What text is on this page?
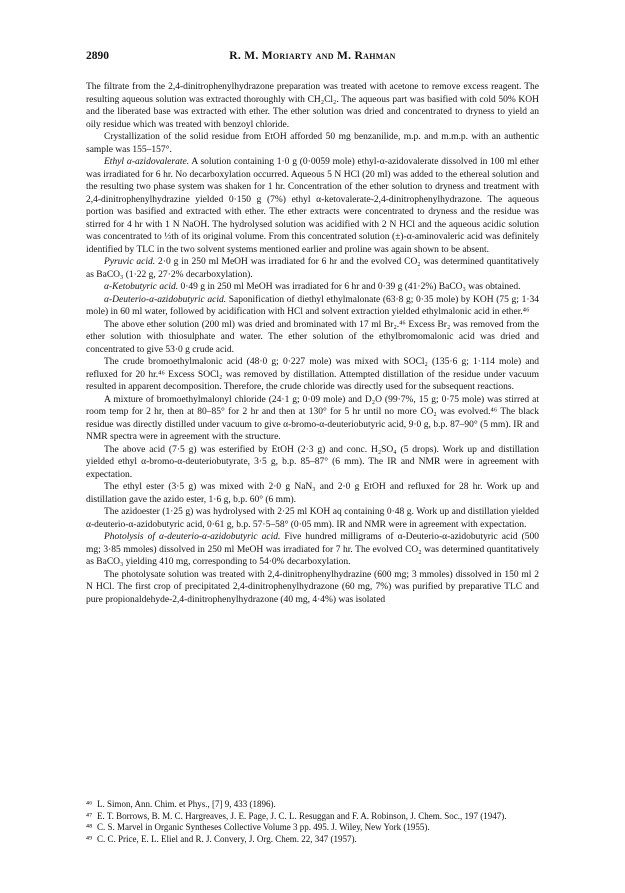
2890	R. M. Moriarty and M. Rahman

The filtrate from the 2,4-dinitrophenylhydrazone preparation was treated with acetone to remove excess reagent. The resulting aqueous solution was extracted thoroughly with CH₂Cl₂. The aqueous part was basified with cold 50% KOH and the liberated base was extracted with ether. The ether solution was dried and concentrated to dryness to yield an oily residue which was treated with benzoyl chloride.

Crystallization of the solid residue from EtOH afforded 50 mg benzanilide, m.p. and m.m.p. with an authentic sample was 155–157°.

Ethyl α-azidovalerate. A solution containing 1·0 g (0·0059 mole) ethyl-α-azidovalerate dissolved in 100 ml ether was irradiated for 6 hr. No decarboxylation occurred. Aqueous 5 N HCl (20 ml) was added to the ethereal solution and the resulting two phase system was shaken for 1 hr. Concentration of the ether solution to dryness and treatment with 2,4-dinitrophenylhydrazine yielded 0·150 g (7%) ethyl α-ketovalerate-2,4-dinitrophenylhydrazone. The aqueous portion was basified and extracted with ether. The ether extracts were concentrated to dryness and the residue was stirred for 4 hr with 1 N NaOH. The hydrolysed solution was acidified with 2 N HCl and the aqueous acidic solution was concentrated to ⅓th of its original volume. From this concentrated solution (±)-α-aminovaleric acid was definitely identified by TLC in the two solvent systems mentioned earlier and proline was again shown to be absent.

Pyruvic acid. 2·0 g in 250 ml MeOH was irradiated for 6 hr and the evolved CO₂ was determined quantitatively as BaCO₃ (1·22 g, 27·2% decarboxylation).

α-Ketobutyric acid. 0·49 g in 250 ml MeOH was irradiated for 6 hr and 0·39 g (41·2%) BaCO₃ was obtained.

α-Deuterio-α-azidobutyric acid. Saponification of diethyl ethylmalonate (63·8 g; 0·35 mole) by KOH (75 g; 1·34 mole) in 60 ml water, followed by acidification with HCl and solvent extraction yielded ethylmalonic acid in ether.⁴⁶

The above ether solution (200 ml) was dried and brominated with 17 ml Br₂.⁴⁶ Excess Br₂ was removed from the ether solution with thiosulphate and water. The ether solution of the ethylbromomalonic acid was dried and concentrated to give 53·0 g crude acid.

The crude bromoethylmalonic acid (48·0 g; 0·227 mole) was mixed with SOCl₂ (135·6 g; 1·114 mole) and refluxed for 20 hr.⁴⁶ Excess SOCl₂ was removed by distillation. Attempted distillation of the residue under vacuum resulted in apparent decomposition. Therefore, the crude chloride was directly used for the subsequent reactions.

A mixture of bromoethylmalonyl chloride (24·1 g; 0·09 mole) and D₂O (99·7%, 15 g; 0·75 mole) was stirred at room temp for 2 hr, then at 80–85° for 2 hr and then at 130° for 5 hr until no more CO₂ was evolved.⁴⁶ The black residue was directly distilled under vacuum to give α-bromo-α-deuteriobutyric acid, 9·0 g, b.p. 87–90° (5 mm). IR and NMR spectra were in agreement with the structure.

The above acid (7·5 g) was esterified by EtOH (2·3 g) and conc. H₂SO₄ (5 drops). Work up and distillation yielded ethyl α-bromo-α-deuteriobutyrate, 3·5 g, b.p. 85–87° (6 mm). The IR and NMR were in agreement with expectation.

The ethyl ester (3·5 g) was mixed with 2·0 g NaN₃ and 2·0 g EtOH and refluxed for 28 hr. Work up and distillation gave the azido ester, 1·6 g, b.p. 60° (6 mm).

The azidoester (1·25 g) was hydrolysed with 2·25 ml KOH aq containing 0·48 g. Work up and distillation yielded α-deuterio-α-azidobutyric acid, 0·61 g, b.p. 57·5–58° (0·05 mm). IR and NMR were in agreement with expectation.

Photolysis of α-deuterio-α-azidobutyric acid. Five hundred milligrams of α-Deuterio-α-azidobutyric acid (500 mg; 3·85 mmoles) dissolved in 250 ml MeOH was irradiated for 7 hr. The evolved CO₂ was determined quantitatively as BaCO₃ yielding 410 mg, corresponding to 54·0% decarboxylation.

The photolysate solution was treated with 2,4-dinitrophenylhydrazine (600 mg; 3 mmoles) dissolved in 150 ml 2 N HCl. The first crop of precipitated 2,4-dinitrophenylhydrazone (60 mg, 7%) was purified by preparative TLC and pure propionaldehyde-2,4-dinitrophenylhydrazone (40 mg, 4·4%) was isolated

⁴⁶ L. Simon, Ann. Chim. et Phys., [7] 9, 433 (1896).

⁴⁷ E. T. Borrows, B. M. C. Hargreaves, J. E. Page, J. C. L. Resuggan and F. A. Robinson, J. Chem. Soc., 197 (1947).

⁴⁸ C. S. Marvel in Organic Syntheses Collective Volume 3 pp. 495. J. Wiley, New York (1955).

⁴⁹ C. C. Price, E. L. Eliel and R. J. Convery, J. Org. Chem. 22, 347 (1957).
